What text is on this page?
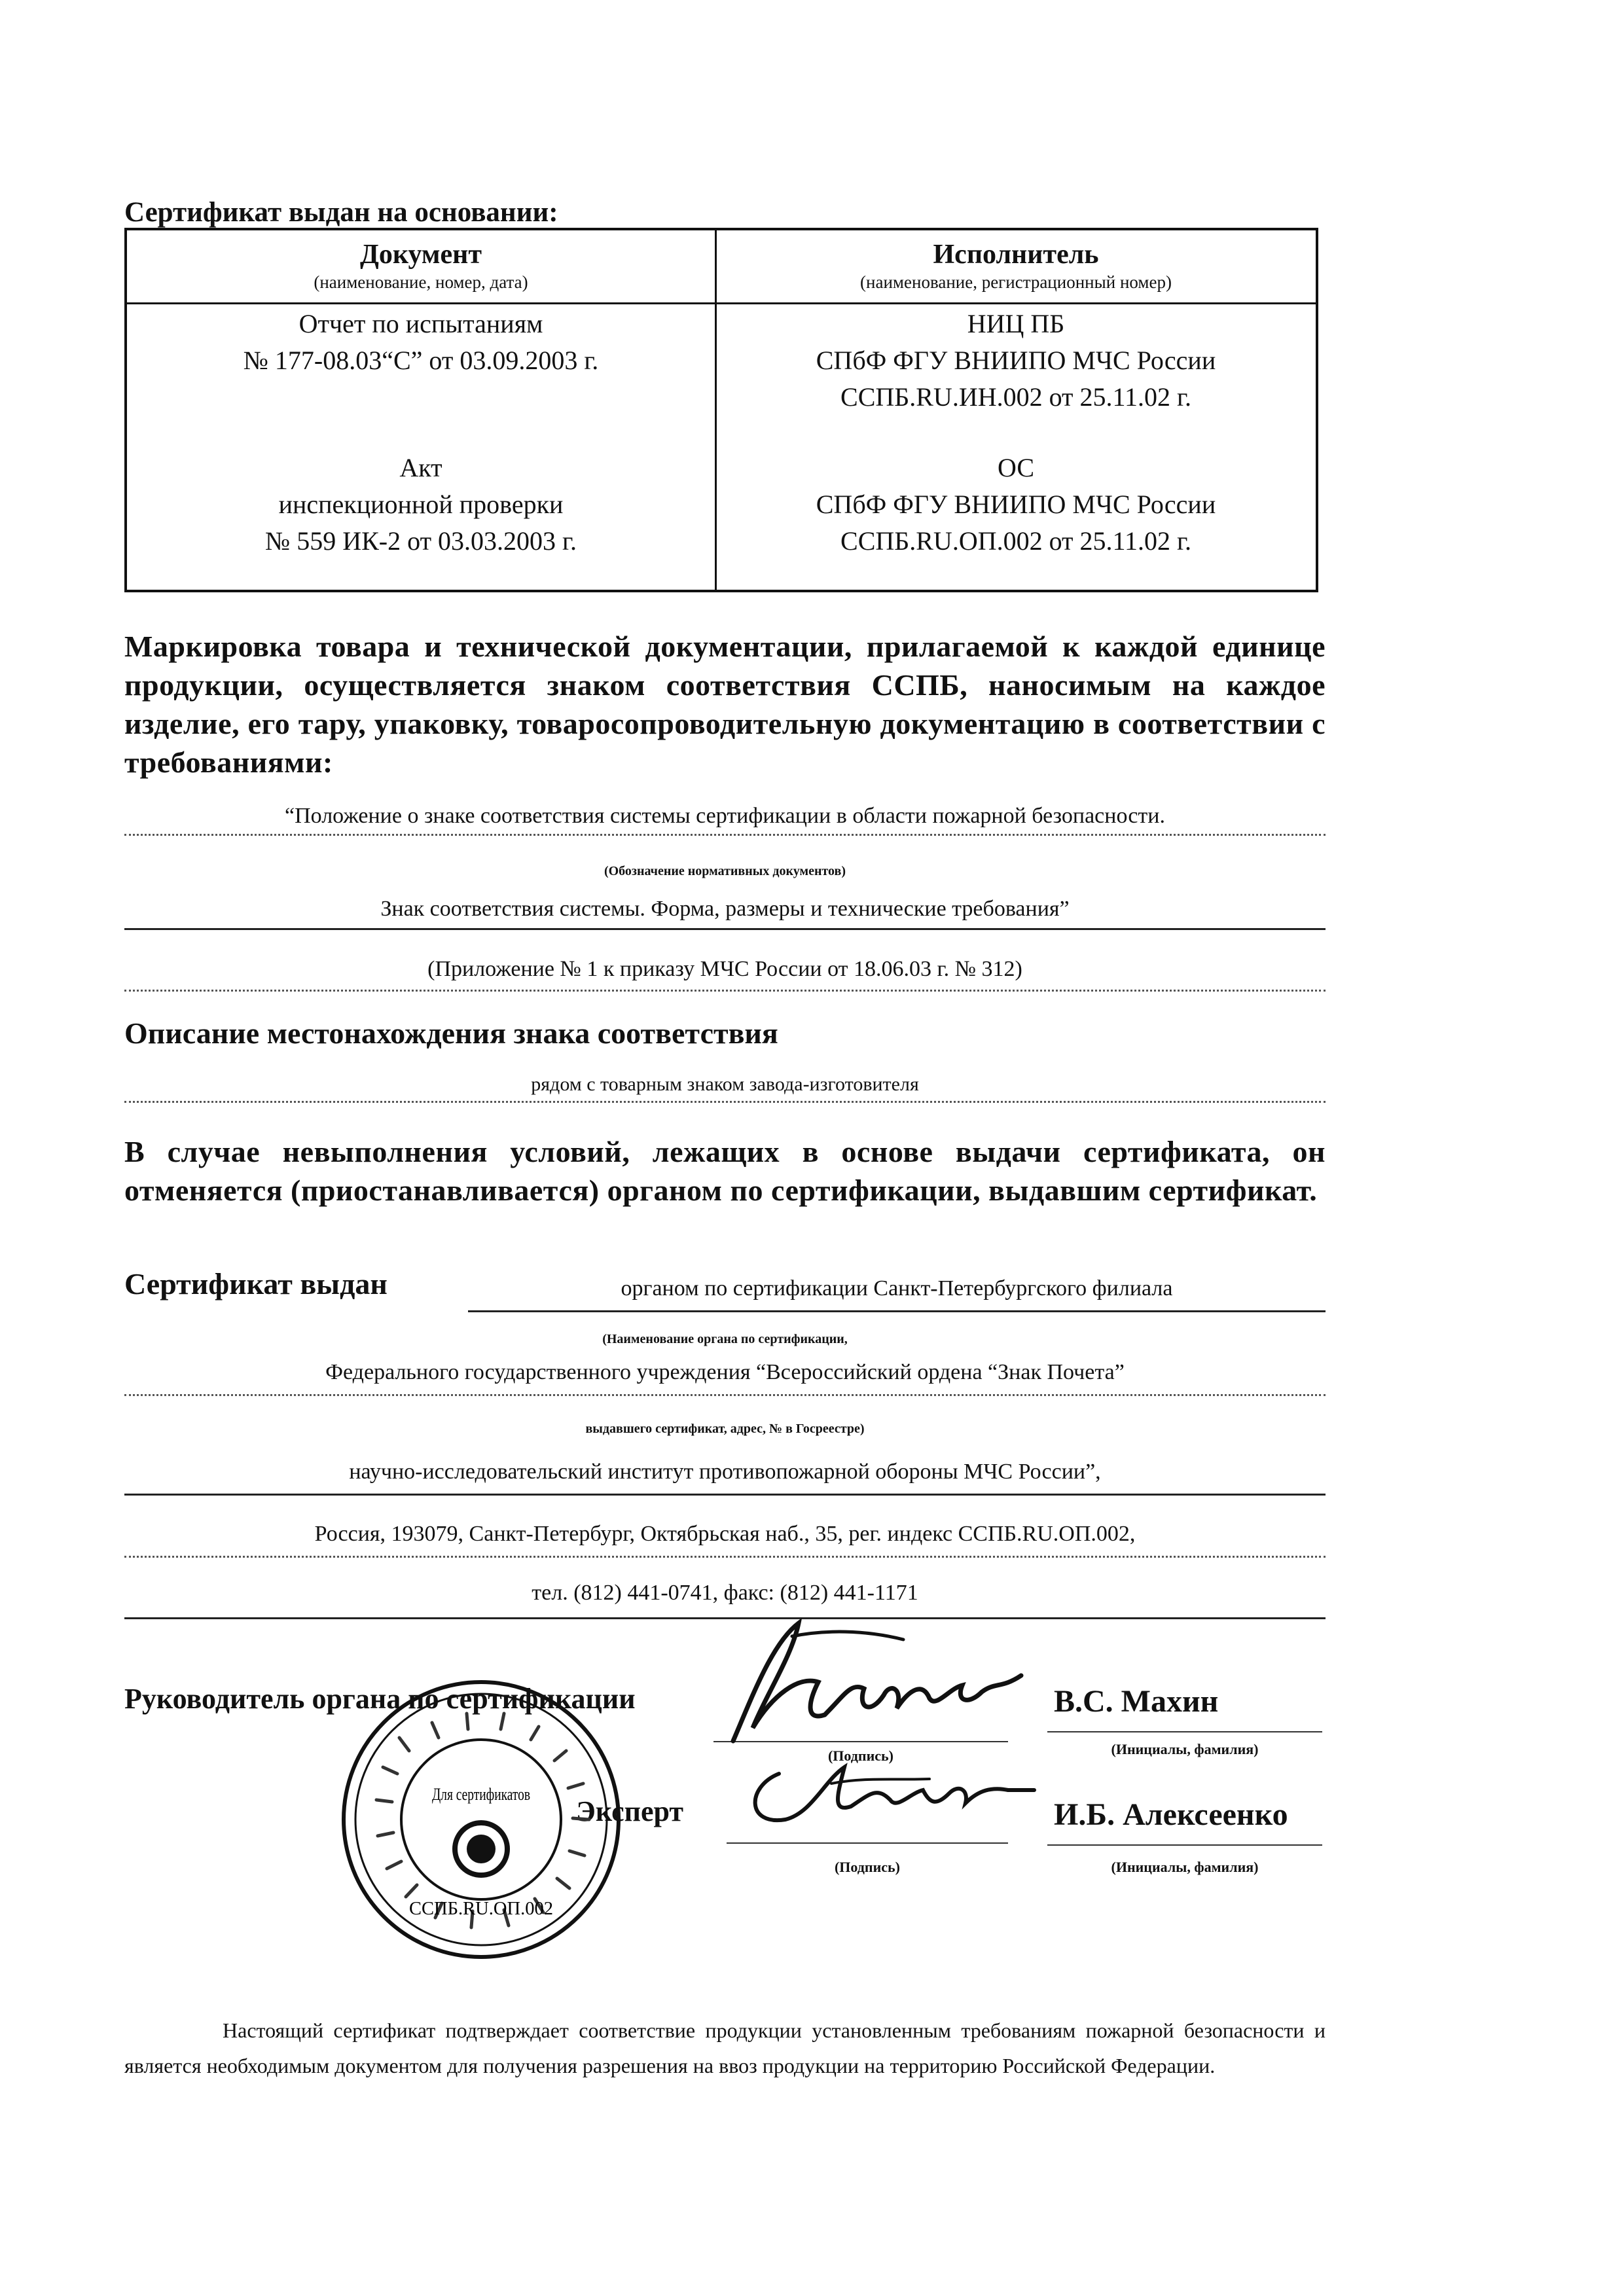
Сертификат выдан на основании:
Документ
(наименование, номер, дата)
Исполнитель
(наименование, регистрационный номер)
Отчет по испытаниям
№ 177-08.03“С” от 03.09.2003 г.
НИЦ ПБ
СПбФ ФГУ ВНИИПО МЧС России
ССПБ.RU.ИН.002 от 25.11.02 г.
Акт
инспекционной проверки
№ 559 ИК-2 от 03.03.2003 г.
ОС
СПбФ ФГУ ВНИИПО МЧС России
ССПБ.RU.ОП.002 от 25.11.02 г.
Маркировка товара и технической документации, прилагаемой к каждой единице продукции, осуществляется знаком соответствия ССПБ, наносимым на каждое изделие, его тару, упаковку, товаросопроводительную документацию в соответствии с требованиями:
“Положение о знаке соответствия системы сертификации в области пожарной безопасности.
(Обозначение нормативных документов)
Знак соответствия системы. Форма, размеры и технические требования”
(Приложение № 1 к приказу МЧС России от 18.06.03 г. № 312)
Описание местонахождения знака соответствия
рядом с товарным знаком завода-изготовителя
В случае невыполнения условий, лежащих в основе выдачи сертификата, он отменяется (приостанавливается) органом по сертификации, выдавшим сертификат.
Сертификат выдан	органом по сертификации Санкт-Петербургского филиала
(Наименование органа по сертификации,
Федерального государственного учреждения “Всероссийский ордена “Знак Почета”
выдавшего сертификат, адрес, № в Госреестре)
научно-исследовательский институт противопожарной обороны МЧС России”,
Россия, 193079, Санкт-Петербург, Октябрьская наб., 35, рег. индекс ССПБ.RU.ОП.002,
тел. (812) 441-0741, факс: (812) 441-1171
Руководитель органа по сертификации
(Подпись)
В.С. Махин
(Инициалы, фамилия)
Эксперт
(Подпись)
И.Б. Алексеенко
(Инициалы, фамилия)
Для сертификатов
ССПБ.RU.ОП.002
Настоящий сертификат подтверждает соответствие продукции установленным требованиям пожарной безопасности и является необходимым документом для получения разрешения на ввоз продукции на территорию Российской Федерации.
